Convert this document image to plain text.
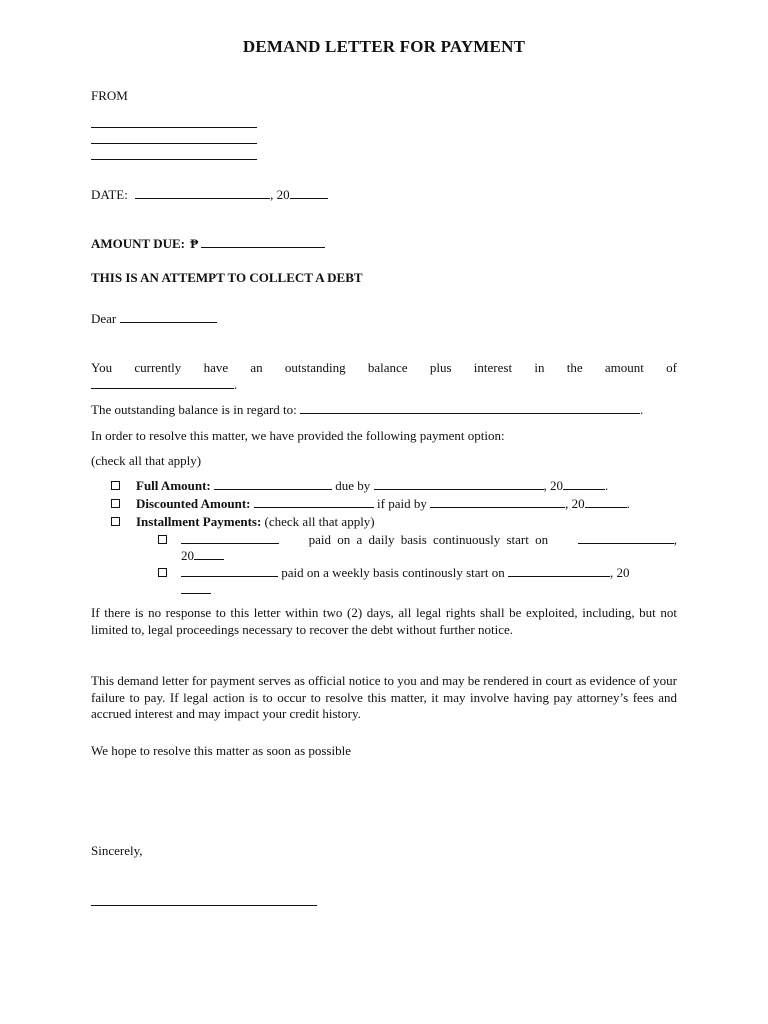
DEMAND LETTER FOR PAYMENT
FROM
DATE:	, 20
AMOUNT DUE: ₱
THIS IS AN ATTEMPT TO COLLECT A DEBT
Dear
You currently have an outstanding balance plus interest in the amount of
.
The outstanding balance is in regard to:	.
In order to resolve this matter, we have provided the following payment option:
(check all that apply)
Full Amount:	due by	, 20	.
Discounted Amount:	if paid by	, 20	.
Installment Payments: (check all that apply)
paid on a daily basis continuously start on	,
20
paid on a weekly basis continously start on	, 20
If there is no response to this letter within two (2) days, all legal rights shall be exploited, including, but not limited to, legal proceedings necessary to recover the debt without further notice.
This demand letter for payment serves as official notice to you and may be rendered in court as evidence of your failure to pay. If legal action is to occur to resolve this matter, it may involve having pay attorney’s fees and accrued interest and may impact your credit history.
We hope to resolve this matter as soon as possible
Sincerely,
